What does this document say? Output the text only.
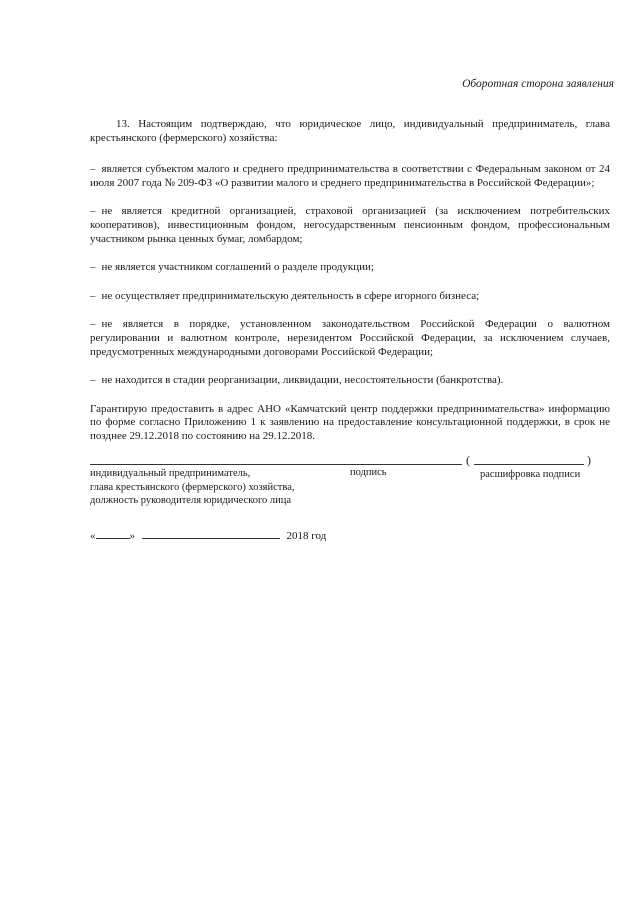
Оборотная сторона заявления

13. Настоящим подтверждаю, что юридическое лицо, индивидуальный предприниматель, глава крестьянского (фермерского) хозяйства:

– является субъектом малого и среднего предпринимательства в соответствии с Федеральным законом от 24 июля 2007 года № 209-ФЗ «О развитии малого и среднего предпринимательства в Российской Федерации»;

– не является кредитной организацией, страховой организацией (за исключением потребительских кооперативов), инвестиционным фондом, негосударственным пенсионным фондом, профессиональным участником рынка ценных бумаг, ломбардом;

– не является участником соглашений о разделе продукции;

– не осуществляет предпринимательскую деятельность в сфере игорного бизнеса;

– не является в порядке, установленном законодательством Российской Федерации о валютном регулировании и валютном контроле, нерезидентом Российской Федерации, за исключением случаев, предусмотренных международными договорами Российской Федерации;

– не находится в стадии реорганизации, ликвидации, несостоятельности (банкротства).

Гарантирую предоставить в адрес АНО «Камчатский центр поддержки предпринимательства» информацию по форме согласно Приложению 1 к заявлению на предоставление консультационной поддержки, в срок не позднее 29.12.2018 по состоянию на 29.12.2018.

(	)
индивидуальный предприниматель,
глава крестьянского (фермерского) хозяйства,
должность руководителя юридического лица
подпись	расшифровка подписи
«	»	2018 год
